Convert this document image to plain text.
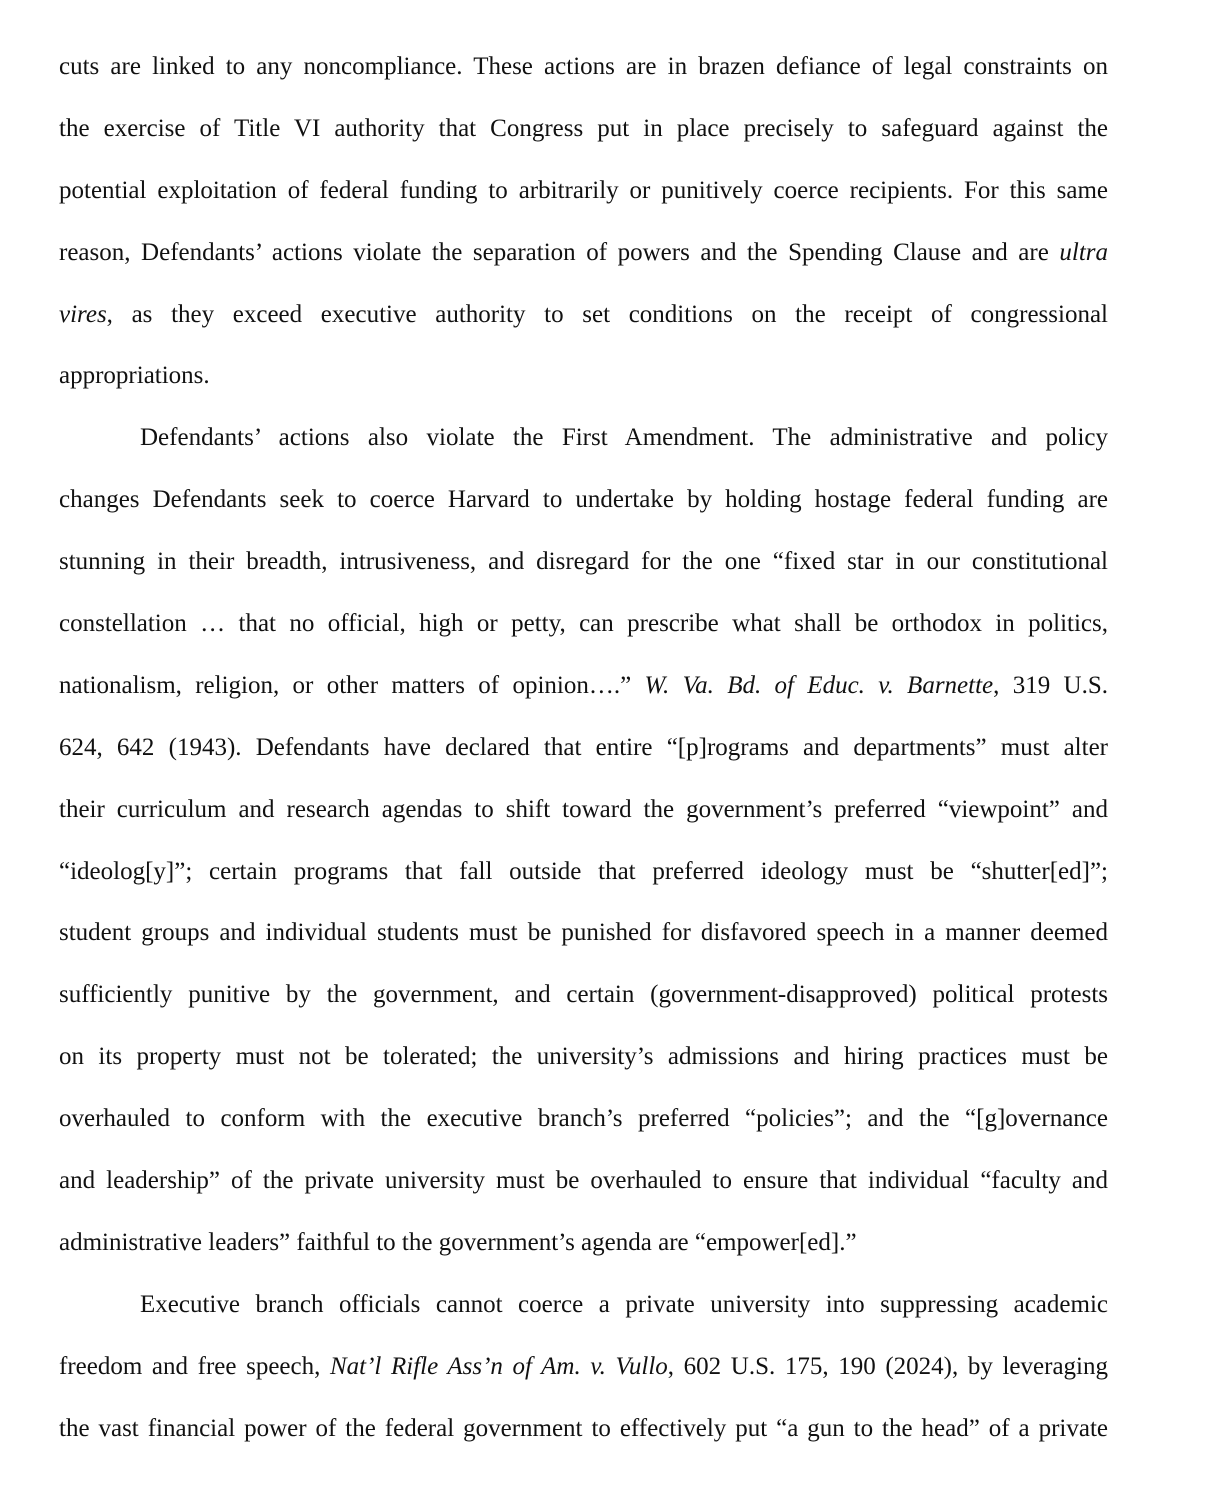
cuts are linked to any noncompliance. These actions are in brazen defiance of legal constraints on
the exercise of Title VI authority that Congress put in place precisely to safeguard against the
potential exploitation of federal funding to arbitrarily or punitively coerce recipients. For this same
reason, Defendants’ actions violate the separation of powers and the Spending Clause and are ultra
vires, as they exceed executive authority to set conditions on the receipt of congressional
appropriations.
Defendants’ actions also violate the First Amendment. The administrative and policy
changes Defendants seek to coerce Harvard to undertake by holding hostage federal funding are
stunning in their breadth, intrusiveness, and disregard for the one “fixed star in our constitutional
constellation … that no official, high or petty, can prescribe what shall be orthodox in politics,
nationalism, religion, or other matters of opinion….” W. Va. Bd. of Educ. v. Barnette, 319 U.S.
624, 642 (1943). Defendants have declared that entire “[p]rograms and departments” must alter
their curriculum and research agendas to shift toward the government’s preferred “viewpoint” and
“ideolog[y]”; certain programs that fall outside that preferred ideology must be “shutter[ed]”;
student groups and individual students must be punished for disfavored speech in a manner deemed
sufficiently punitive by the government, and certain (government-disapproved) political protests
on its property must not be tolerated; the university’s admissions and hiring practices must be
overhauled to conform with the executive branch’s preferred “policies”; and the “[g]overnance
and leadership” of the private university must be overhauled to ensure that individual “faculty and
administrative leaders” faithful to the government’s agenda are “empower[ed].”
Executive branch officials cannot coerce a private university into suppressing academic
freedom and free speech, Nat’l Rifle Ass’n of Am. v. Vullo, 602 U.S. 175, 190 (2024), by leveraging
the vast financial power of the federal government to effectively put “a gun to the head” of a private
